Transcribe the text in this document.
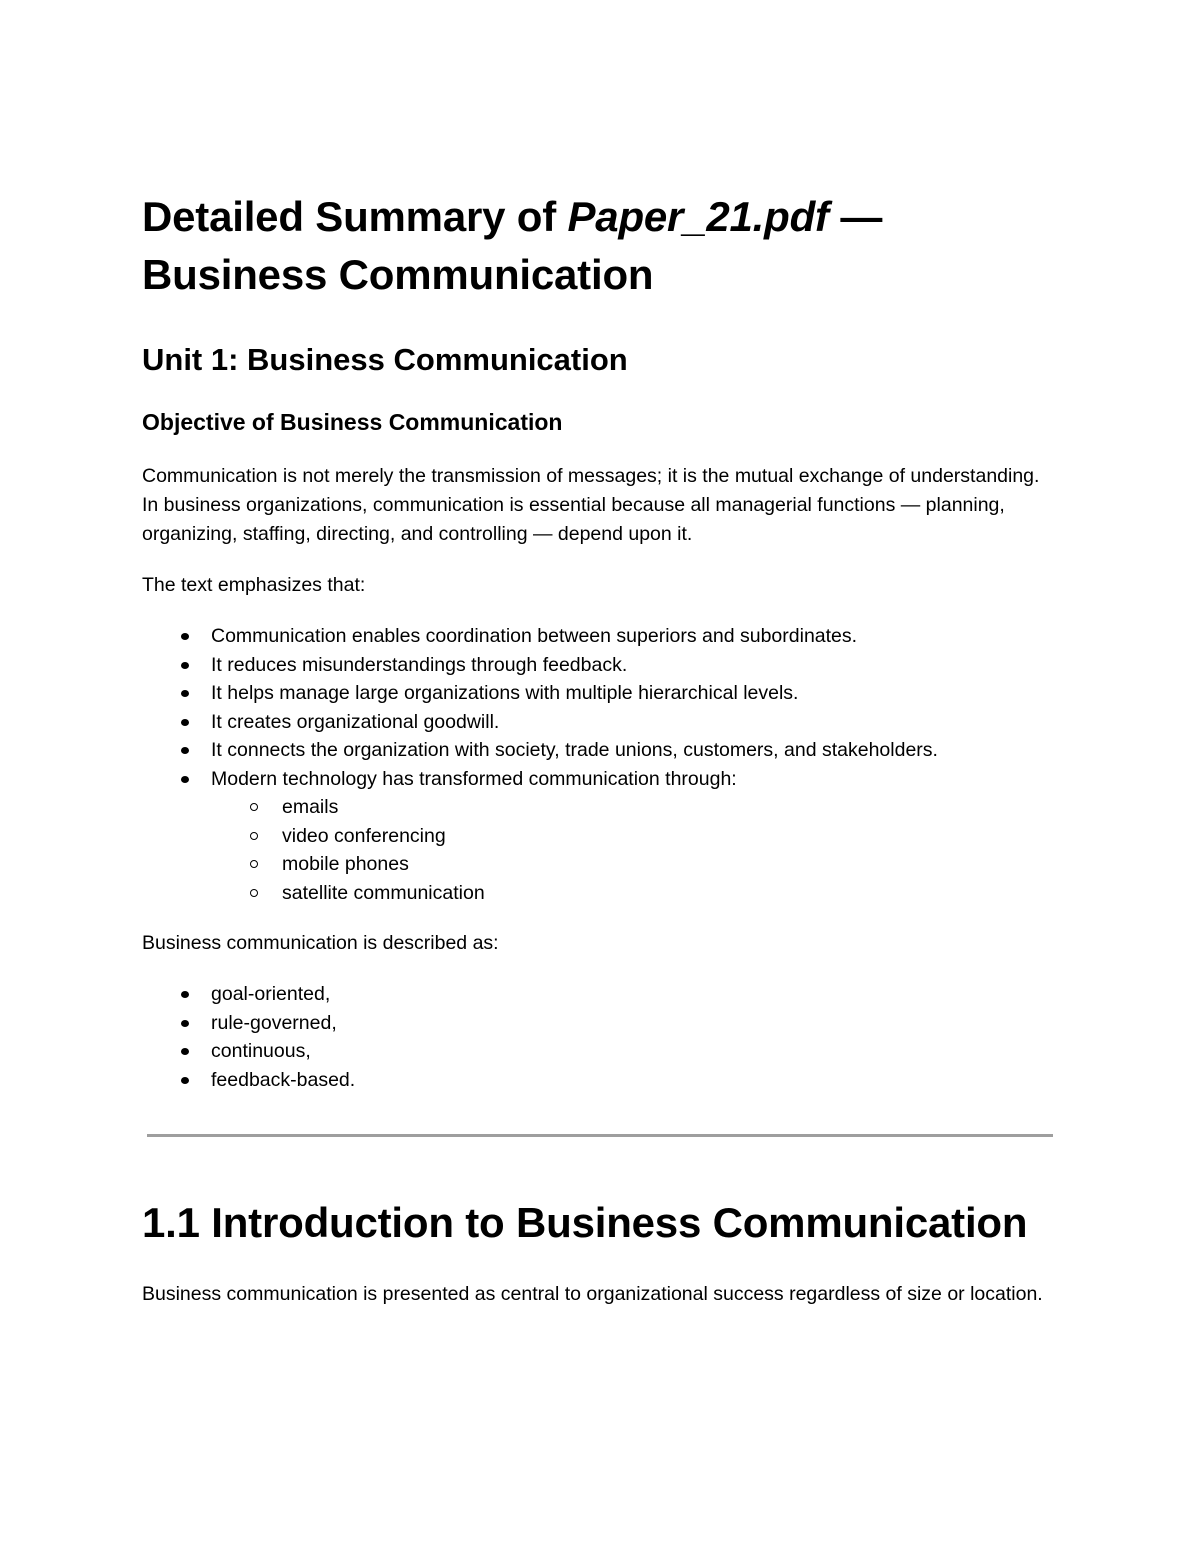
Detailed Summary of Paper_21.pdf —
Business Communication
Unit 1: Business Communication
Objective of Business Communication

Communication is not merely the transmission of messages; it is the mutual exchange of understanding. In business organizations, communication is essential because all managerial functions — planning, organizing, staffing, directing, and controlling — depend upon it.

The text emphasizes that:

Communication enables coordination between superiors and subordinates.
It reduces misunderstandings through feedback.
It helps manage large organizations with multiple hierarchical levels.
It creates organizational goodwill.
It connects the organization with society, trade unions, customers, and stakeholders.
Modern technology has transformed communication through:
emails
video conferencing
mobile phones
satellite communication

Business communication is described as:

goal-oriented,
rule-governed,
continuous,
feedback-based.
1.1 Introduction to Business Communication

Business communication is presented as central to organizational success regardless of size or location.
